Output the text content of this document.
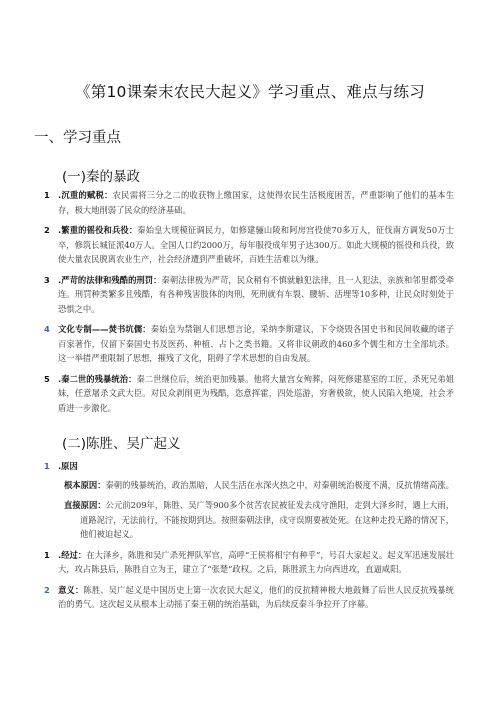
《第10课秦末农民大起义》学习重点、难点与练习
一、学习重点
(一)秦的暴政

1 .沉重的赋税：农民需将三分之二的收获物上缴国家，这使得农民生活极度困苦，严重影响了他们的基本生存，极大地削弱了民众的经济基础。

2 .繁重的徭役和兵役：秦始皇大规模征调民力，如修建骊山陵和阿房宫役使70多万人，征伐南方调发50万士卒，修筑长城征派40万人。全国人口约2000万，每年服役成年男子达300万。如此大规模的徭役和兵役，致使大量农民脱离农业生产，社会经济遭到严重破坏，百姓生活难以为继。

3 .严苛的法律和残酷的刑罚：秦朝法律极为严苛，民众稍有不慎就触犯法律，且一人犯法，亲族和邻里都受牵连。刑罚种类繁多且残酷，有各种残害肢体的肉刑，死刑就有车裂、腰斩、活埋等10多种，让民众时刻处于恐惧之中。

4 文化专制——焚书坑儒：秦始皇为禁锢人们思想言论，采纳李斯建议，下令烧毁各国史书和民间收藏的诸子百家著作，仅留下秦国史书及医药、种植、占卜之类书籍。又将非议朝政的460多个儒生和方士全部坑杀。这一举措严重限制了思想，摧残了文化，阻碍了学术思想的自由发展。

5 .秦二世的残暴统治：秦二世继位后，统治更加残暴。他将大量宫女殉葬，闷死修建墓室的工匠，杀死兄弟姐妹，任意屠杀文武大臣。对民众剥削更为残酷，恣意挥霍，四处巡游，穷奢极欲，使人民陷入绝境，社会矛盾进一步激化。

(二)陈胜、吴广起义

1 .原因

根本原因：秦朝的残暴统治，政治黑暗，人民生活在水深火热之中，对秦朝统治极度不满，反抗情绪高涨。

直接原因：公元前209年，陈胜、吴广等900多个贫苦农民被征发去戍守渔阳，走到大泽乡时，遇上大雨，道路泥泞，无法前行，不能按期到达。按照秦朝法律，戍守误期要被处死。在这种走投无路的情况下，他们被迫起义。

1 .经过：在大泽乡，陈胜和吴广杀死押队军官，高呼“王侯将相宁有种乎”，号召大家起义。起义军迅速发展壮大，攻占陈县后，陈胜自立为王，建立了“张楚”政权。之后，陈胜派主力向西进攻，直逼咸阳。

2 意义：陈胜、吴广起义是中国历史上第一次农民大起义，他们的反抗精神极大地鼓舞了后世人民反抗残暴统治的勇气。这次起义从根本上动摇了秦王朝的统治基础，为后续反秦斗争拉开了序幕。
